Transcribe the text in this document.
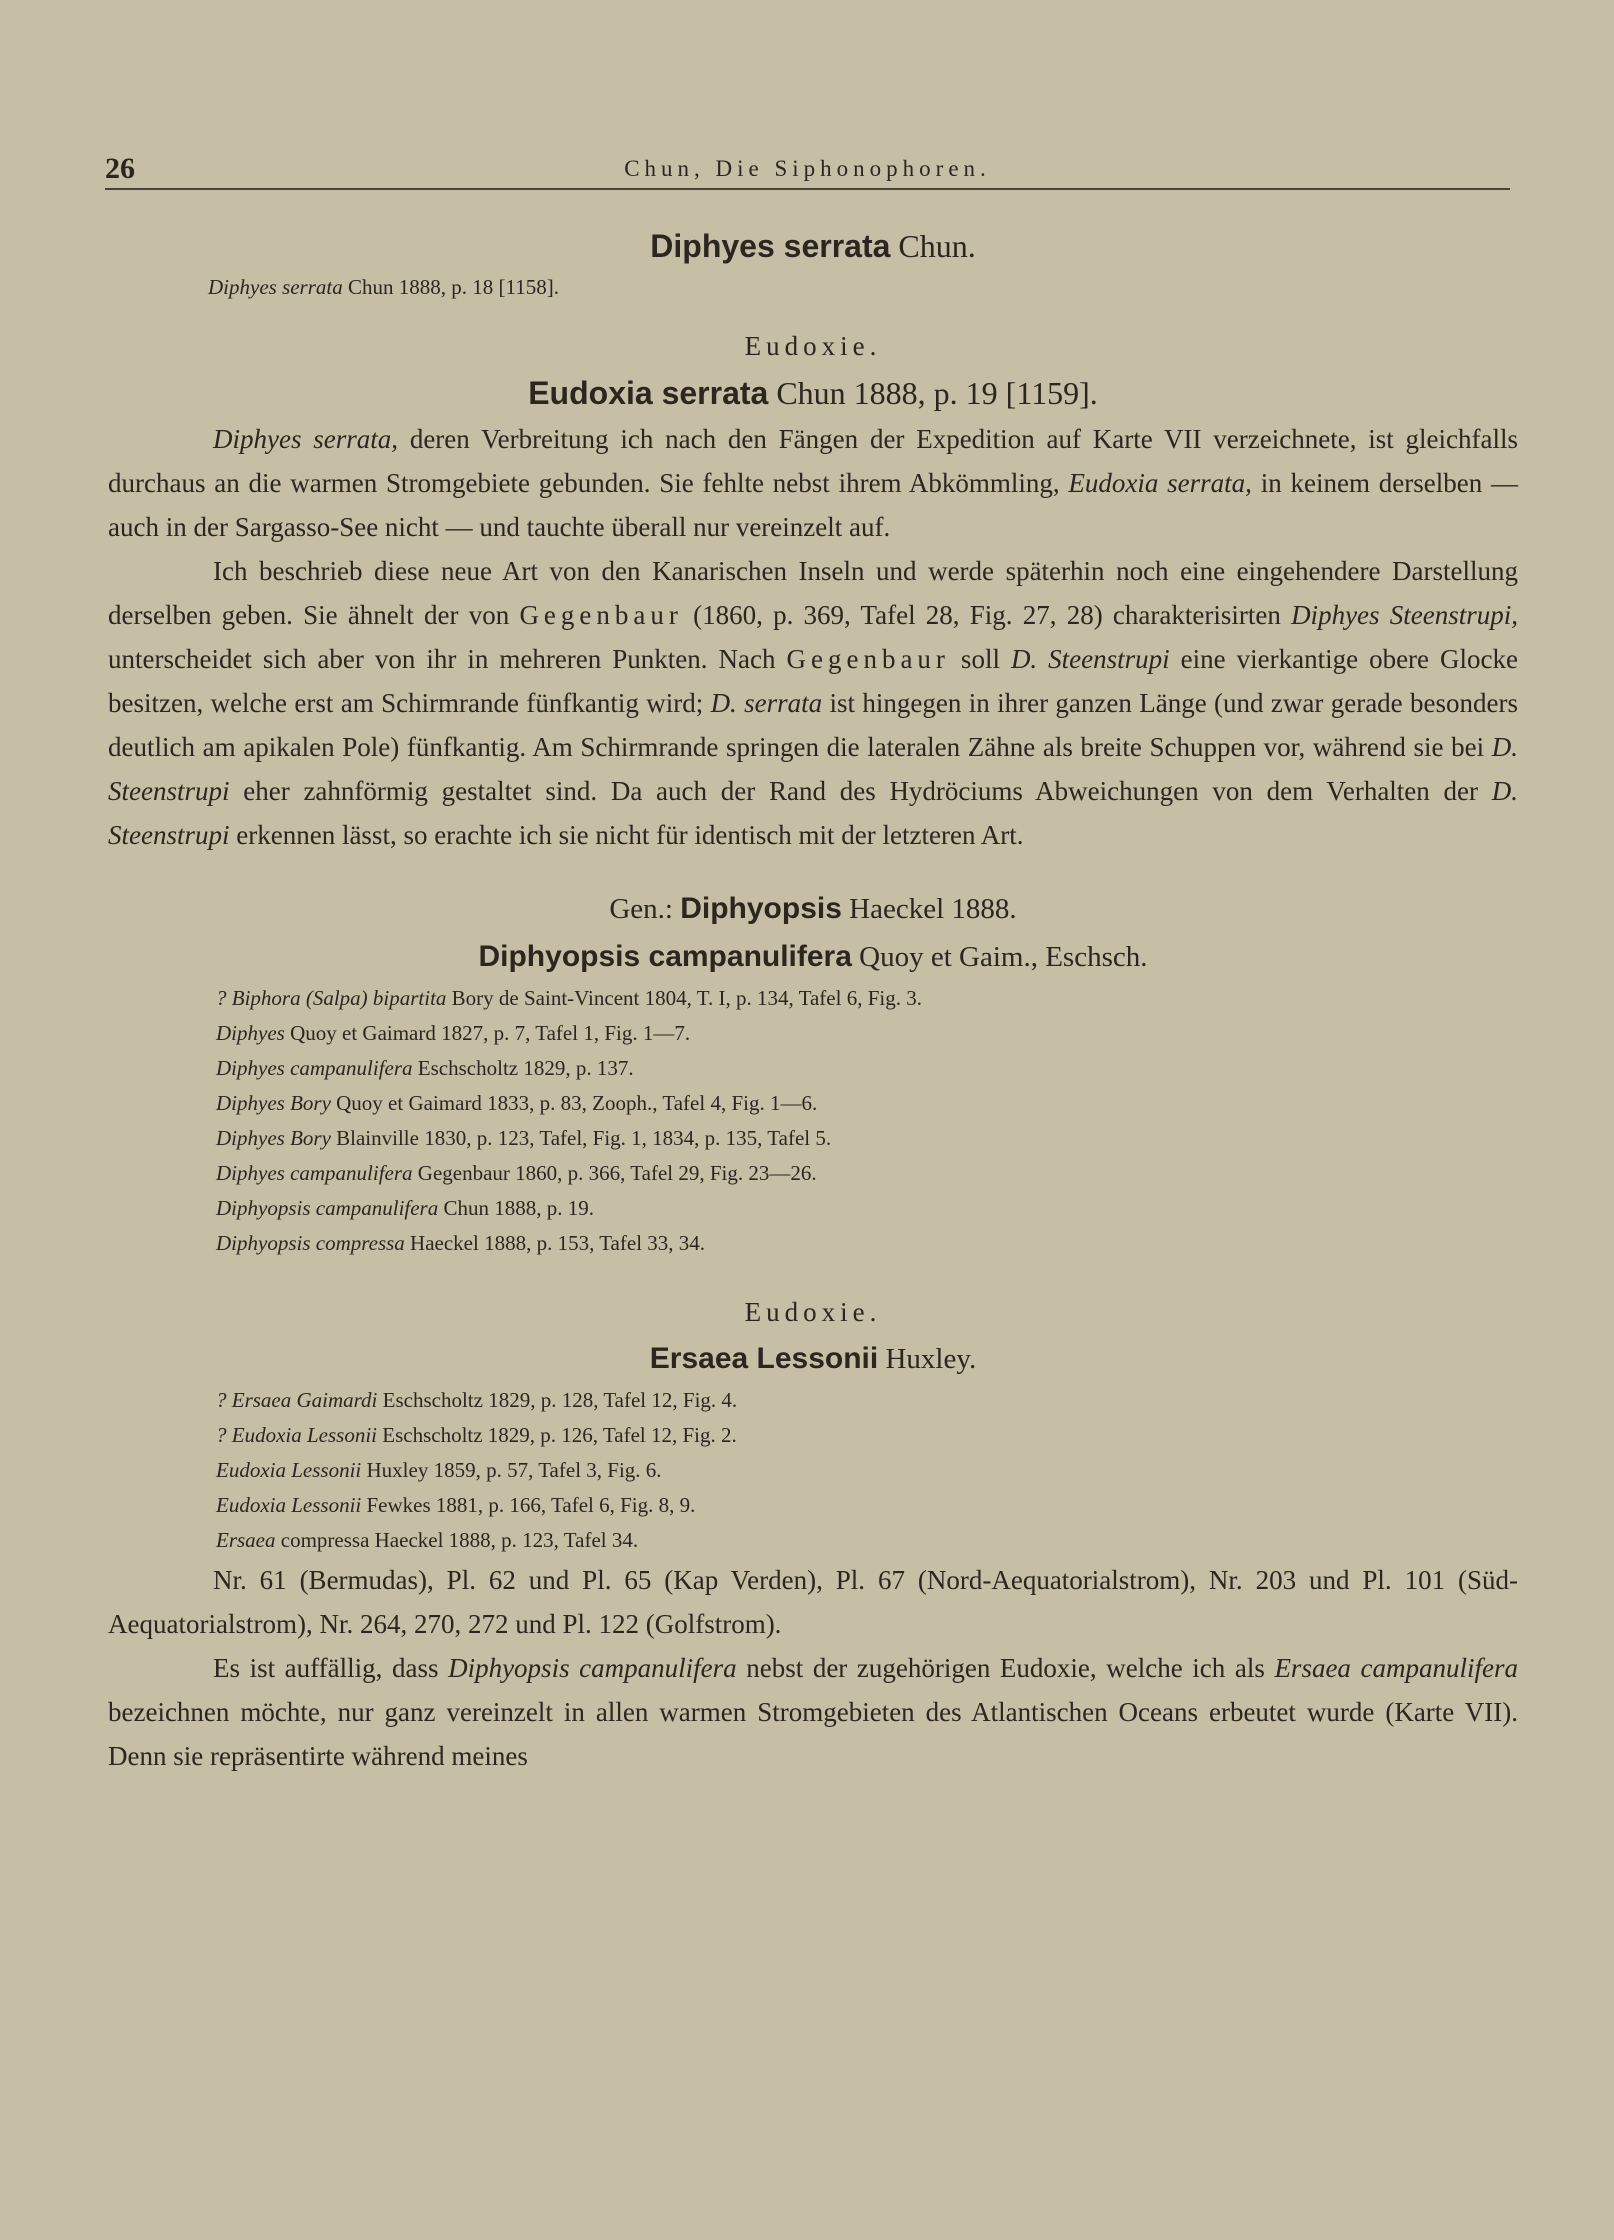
26	Chun, Die Siphonophoren.

Diphyes serrata Chun.

Diphyes serrata Chun 1888, p. 18 [1158].

Eudoxie.

Eudoxia serrata Chun 1888, p. 19 [1159].

Diphyes serrata, deren Verbreitung ich nach den Fängen der Expedition auf Karte VII verzeichnete, ist gleichfalls durchaus an die warmen Stromgebiete gebunden. Sie fehlte nebst ihrem Abkömmling, Eudoxia serrata, in keinem derselben — auch in der Sargasso-See nicht — und tauchte überall nur vereinzelt auf.

Ich beschrieb diese neue Art von den Kanarischen Inseln und werde späterhin noch eine eingehendere Darstellung derselben geben. Sie ähnelt der von Gegenbaur (1860, p. 369, Tafel 28, Fig. 27, 28) charakterisirten Diphyes Steenstrupi, unterscheidet sich aber von ihr in mehreren Punkten. Nach Gegenbaur soll D. Steenstrupi eine vierkantige obere Glocke besitzen, welche erst am Schirmrande fünfkantig wird; D. serrata ist hingegen in ihrer ganzen Länge (und zwar gerade besonders deutlich am apikalen Pole) fünfkantig. Am Schirmrande springen die lateralen Zähne als breite Schuppen vor, während sie bei D. Steenstrupi eher zahnförmig gestaltet sind. Da auch der Rand des Hydröciums Abweichungen von dem Verhalten der D. Steenstrupi erkennen lässt, so erachte ich sie nicht für identisch mit der letzteren Art.

Gen.: Diphyopsis Haeckel 1888.

Diphyopsis campanulifera Quoy et Gaim., Eschsch.

? Biphora (Salpa) bipartita Bory de Saint-Vincent 1804, T. I, p. 134, Tafel 6, Fig. 3.

Diphyes Quoy et Gaimard 1827, p. 7, Tafel 1, Fig. 1—7.

Diphyes campanulifera Eschscholtz 1829, p. 137.

Diphyes Bory Quoy et Gaimard 1833, p. 83, Zooph., Tafel 4, Fig. 1—6.

Diphyes Bory Blainville 1830, p. 123, Tafel, Fig. 1, 1834, p. 135, Tafel 5.

Diphyes campanulifera Gegenbaur 1860, p. 366, Tafel 29, Fig. 23—26.

Diphyopsis campanulifera Chun 1888, p. 19.

Diphyopsis compressa Haeckel 1888, p. 153, Tafel 33, 34.

Eudoxie.

Ersaea Lessonii Huxley.

? Ersaea Gaimardi Eschscholtz 1829, p. 128, Tafel 12, Fig. 4.

? Eudoxia Lessonii Eschscholtz 1829, p. 126, Tafel 12, Fig. 2.

Eudoxia Lessonii Huxley 1859, p. 57, Tafel 3, Fig. 6.

Eudoxia Lessonii Fewkes 1881, p. 166, Tafel 6, Fig. 8, 9.

Ersaea compressa Haeckel 1888, p. 123, Tafel 34.

Nr. 61 (Bermudas), Pl. 62 und Pl. 65 (Kap Verden), Pl. 67 (Nord-Aequatorialstrom), Nr. 203 und Pl. 101 (Süd-Aequatorialstrom), Nr. 264, 270, 272 und Pl. 122 (Golfstrom).

Es ist auffällig, dass Diphyopsis campanulifera nebst der zugehörigen Eudoxie, welche ich als Ersaea campanulifera bezeichnen möchte, nur ganz vereinzelt in allen warmen Stromgebieten des Atlantischen Oceans erbeutet wurde (Karte VII). Denn sie repräsentirte während meines
